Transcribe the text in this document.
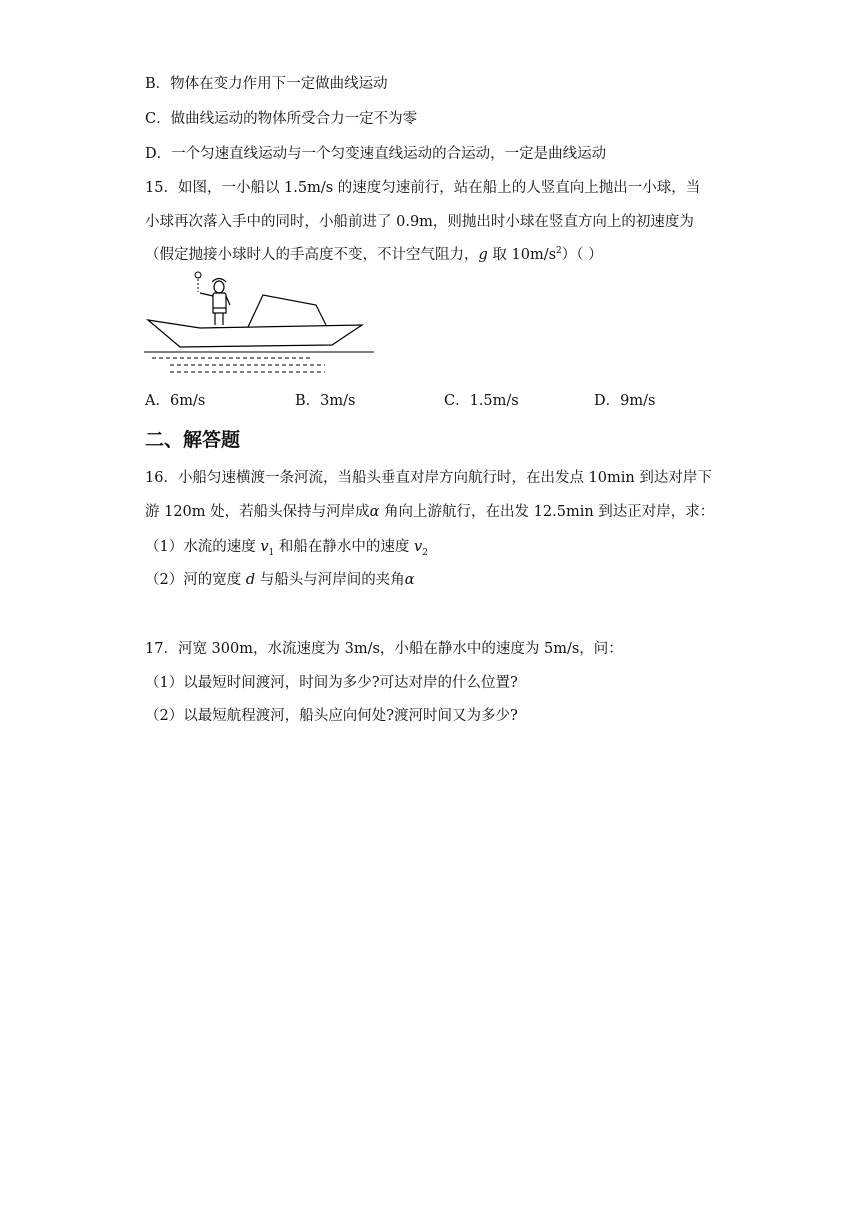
B．物体在变力作用下一定做曲线运动
C．做曲线运动的物体所受合力一定不为零
D．一个匀速直线运动与一个匀变速直线运动的合运动，一定是曲线运动
15．如图，一小船以 1.5m/s 的速度匀速前行，站在船上的人竖直向上抛出一小球，当
小球再次落入手中的同时，小船前进了 0.9m，则抛出时小球在竖直方向上的初速度为
（假定抛接小球时人的手高度不变，不计空气阻力，g 取 $10m/s^2$）（ ）
A．6m/s	B．3m/s	C．1.5m/s	D．9m/s
二、解答题
16．小船匀速横渡一条河流，当船头垂直对岸方向航行时，在出发点 10min 到达对岸下
游 120m 处，若船头保持与河岸成α 角向上游航行，在出发 12.5min 到达正对岸，求：
（1）水流的速度 $v_1$ 和船在静水中的速度 $v_2$
（2）河的宽度 d 与船头与河岸间的夹角α
17．河宽 300m，水流速度为 3m/s，小船在静水中的速度为 5m/s，问：
（1）以最短时间渡河，时间为多少?可达对岸的什么位置?
（2）以最短航程渡河，船头应向何处?渡河时间又为多少?
